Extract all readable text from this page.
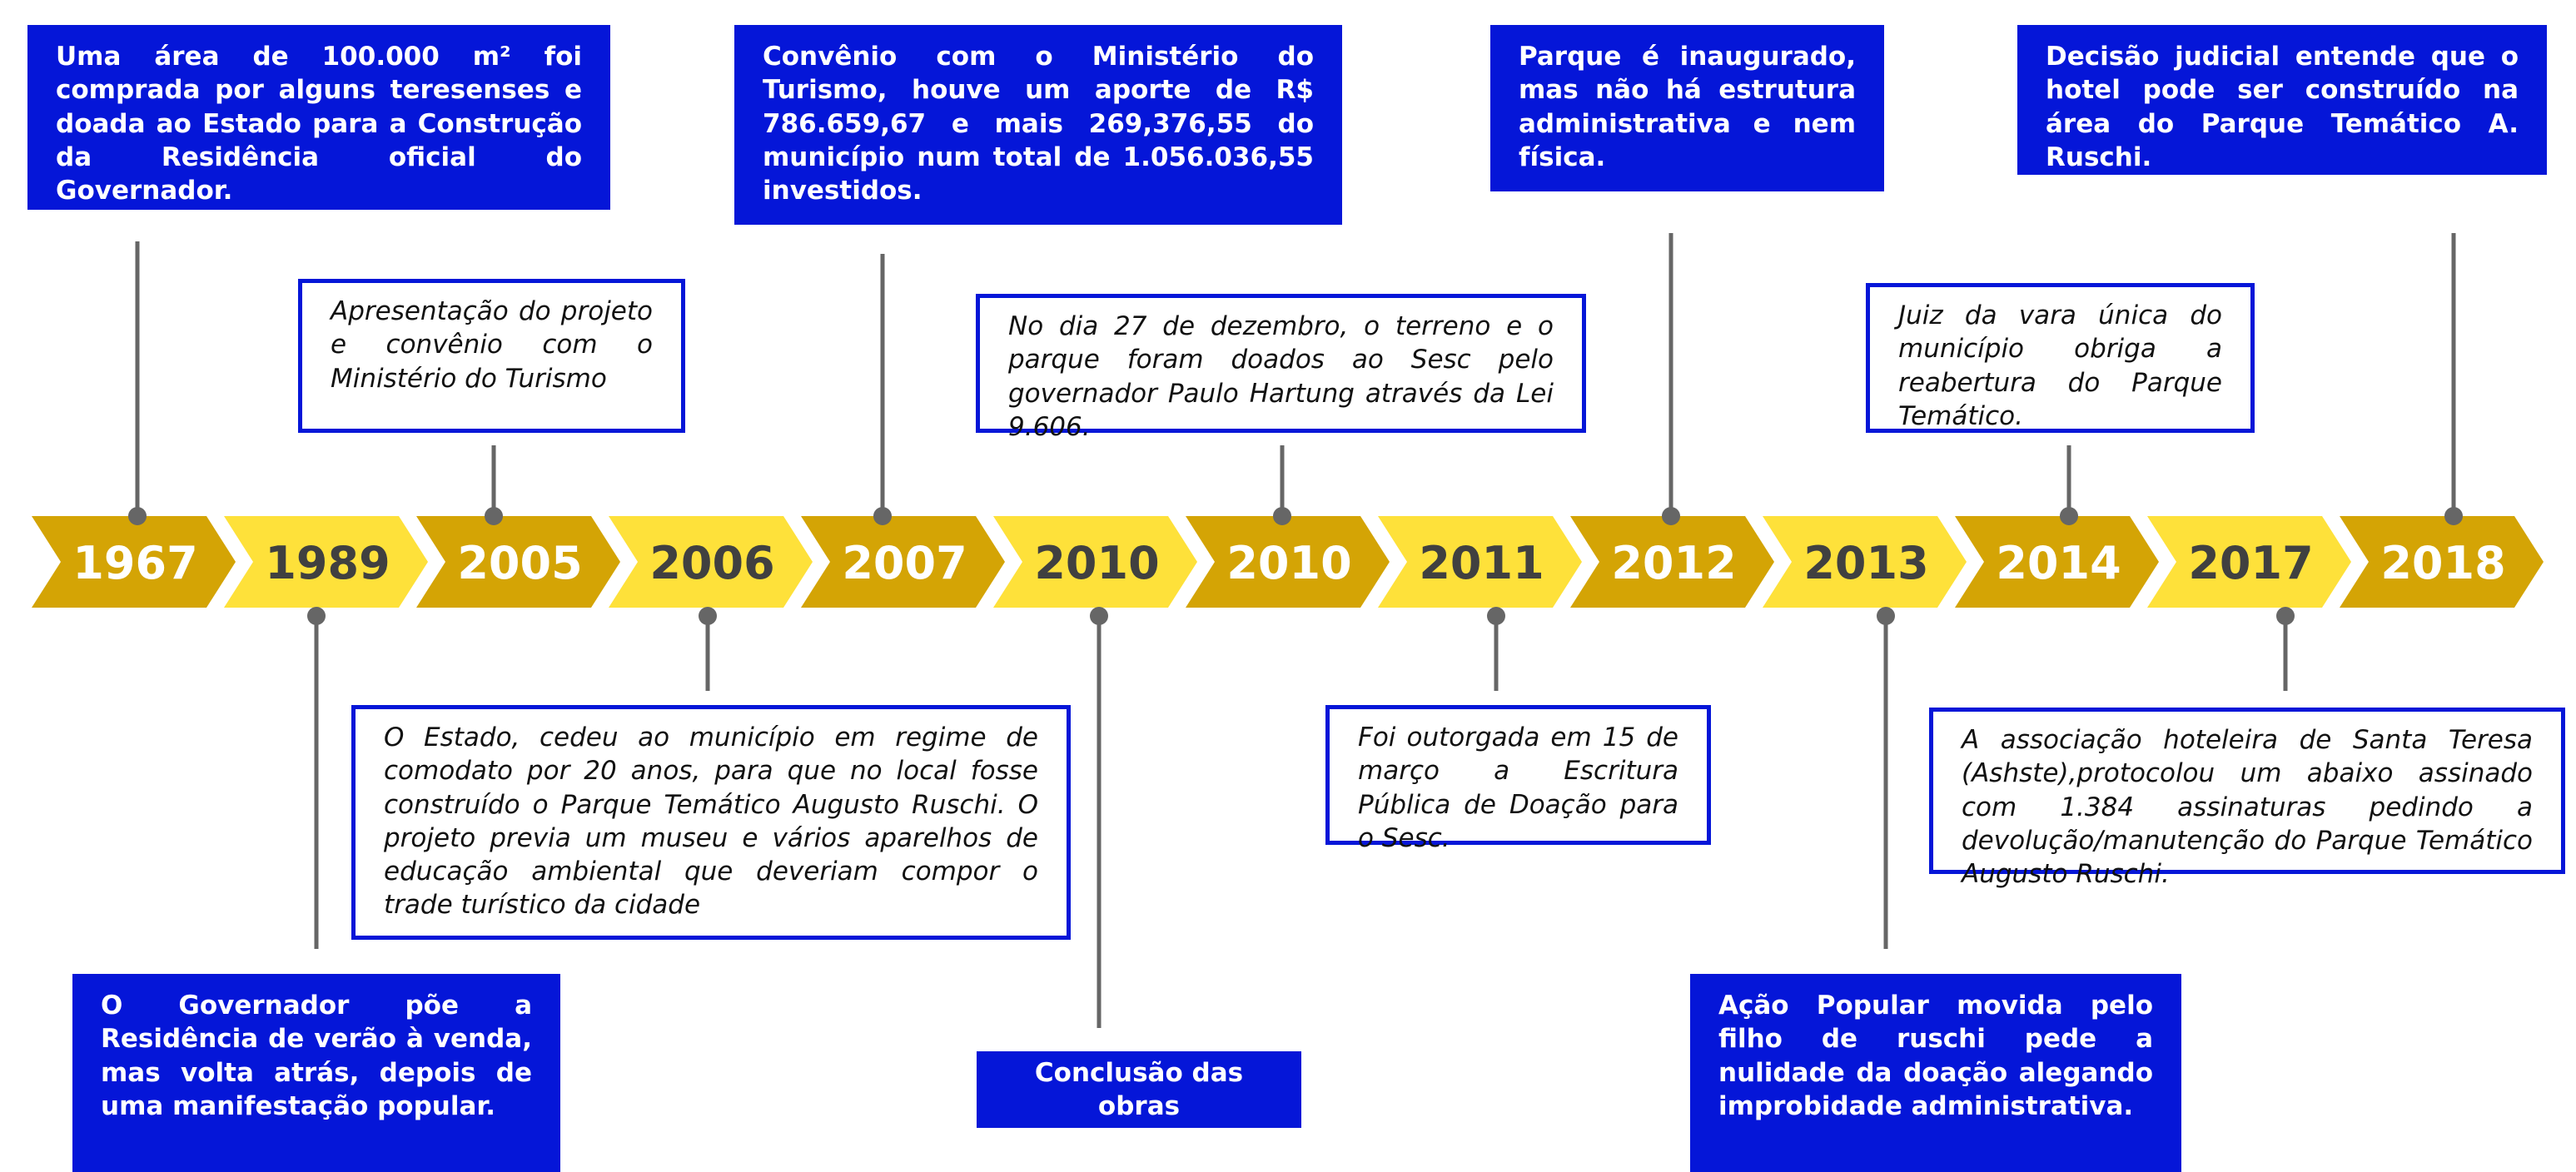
1967 1989 2005 2006 2007 2010 2010 2011 2012 2013 2014 2017 2018
Uma área de 100.000 m² foi comprada por alguns teresenses e doada ao Estado para a Construção da Residência oficial do Governador.
O Governador põe a Residência de verão à venda, mas volta atrás, depois de uma manifestação popular.
Apresentação do projeto e convênio com o Ministério do Turismo
O Estado, cedeu ao município em regime de comodato por 20 anos, para que no local fosse construído o Parque Temático Augusto Ruschi. O projeto previa um museu e vários aparelhos de educação ambiental que deveriam compor o trade turístico da cidade
Convênio com o Ministério do Turismo, houve um aporte de R$ 786.659,67 e mais 269,376,55 do município num total de 1.056.036,55 investidos.
Conclusão das obras
No dia 27 de dezembro, o terreno e o parque foram doados ao Sesc pelo governador Paulo Hartung através da Lei 9.606.
Foi outorgada em 15 de março a Escritura Pública de Doação para o Sesc.
Parque é inaugurado, mas não há estrutura administrativa e nem física.
Ação Popular movida pelo filho de ruschi pede a nulidade da doação alegando improbidade administrativa.
Juiz da vara única do município obriga a reabertura do Parque Temático.
A associação hoteleira de Santa Teresa (Ashste),protocolou um abaixo assinado com 1.384 assinaturas pedindo a devolução/manutenção do Parque Temático Augusto Ruschi.
Decisão judicial entende que o hotel pode ser construído na área do Parque Temático A. Ruschi.
